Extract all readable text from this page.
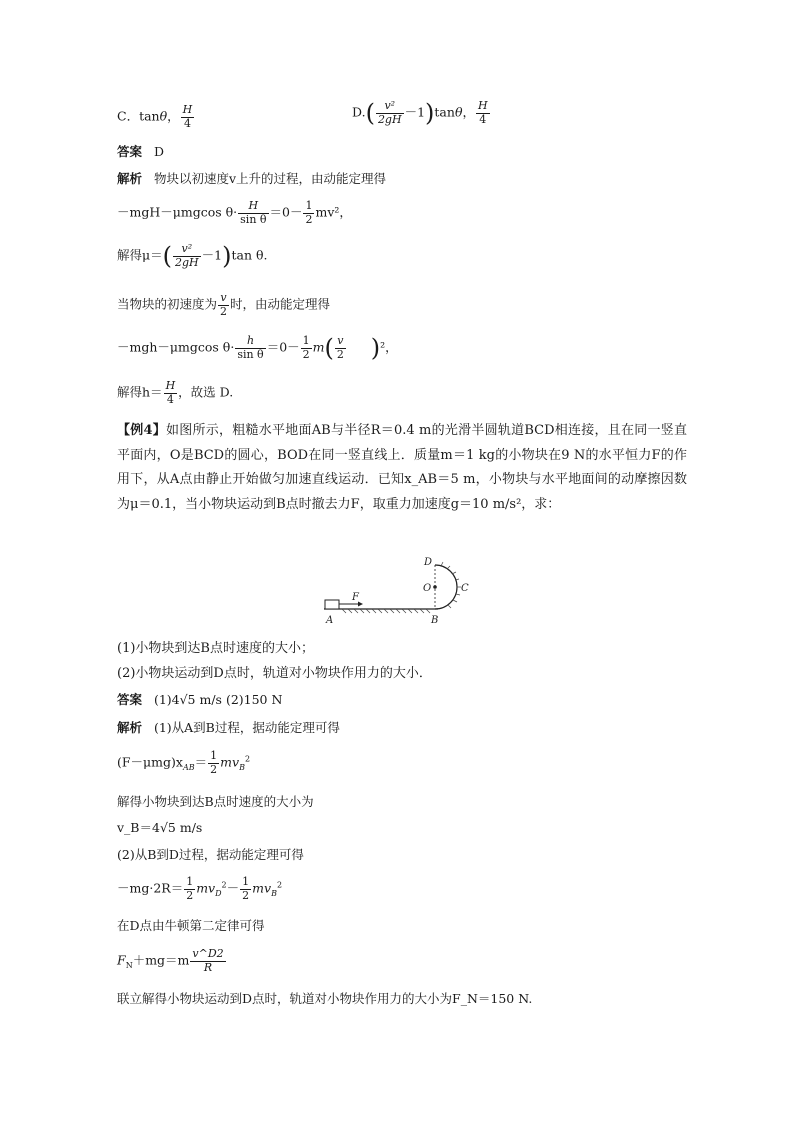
C．tanθ， $\frac{H}{4}$	$D.( \frac{\text{v²}}{2gH} -1)\tan\theta$， $\frac{H}{4}$
答案 D
解析 物块以初速度v上升的过程，由动能定理得
－mgH－μmgcos $\theta\cdot \frac{H}{\text{sin θ}} =0- \frac{1}{2} mv^2$，
解得$\mu=( \frac{\text{v²}}{2gH} -1)\tan$ θ.
当物块的初速度为 $\frac{v}{2}$ 时，由动能定理得
－mgh－μmgcos $\theta\cdot \frac{h}{\text{sin θ}} =0- \frac{1}{2} m( \frac{v}{2} )^2$，
解得$h= \frac{H}{4}$ ，故选 D.
【例4】如图所示，粗糙水平地面AB与半径R＝0.4 m的光滑半圆轨道BCD相连接，且在同一竖直平面内，O是BCD的圆心，BOD在同一竖直线上．质量m＝1 kg的小物块在9 N的水平恒力F的作用下，从A点由静止开始做匀加速直线运动．已知x_AB＝5 m，小物块与水平地面间的动摩擦因数为μ＝0.1，当小物块运动到B点时撤去力F，取重力加速度g＝10 m/s²，求：
A
F
B
D
O	C
(1)小物块到达B点时速度的大小；
(2)小物块运动到D点时，轨道对小物块作用力的大小．
答案 (1)4√5 m/s (2)150 N
解析 (1)从A到B过程，据动能定理可得
$(F-\mu mg)x_{AB}= \frac{1}{2} mv_B^2$
解得小物块到达B点时速度的大小为
v_B＝4√5 m/s
(2)从B到D过程，据动能定理可得
$-mg\cdot 2R= \frac{1}{2} mv_D^2- \frac{1}{2} mv_B^2$
在D点由牛顿第二定律可得
$F_N+mg=m \frac{v\^{}D2}{R}$
联立解得小物块运动到D点时，轨道对小物块作用力的大小为F_N＝150 N.
